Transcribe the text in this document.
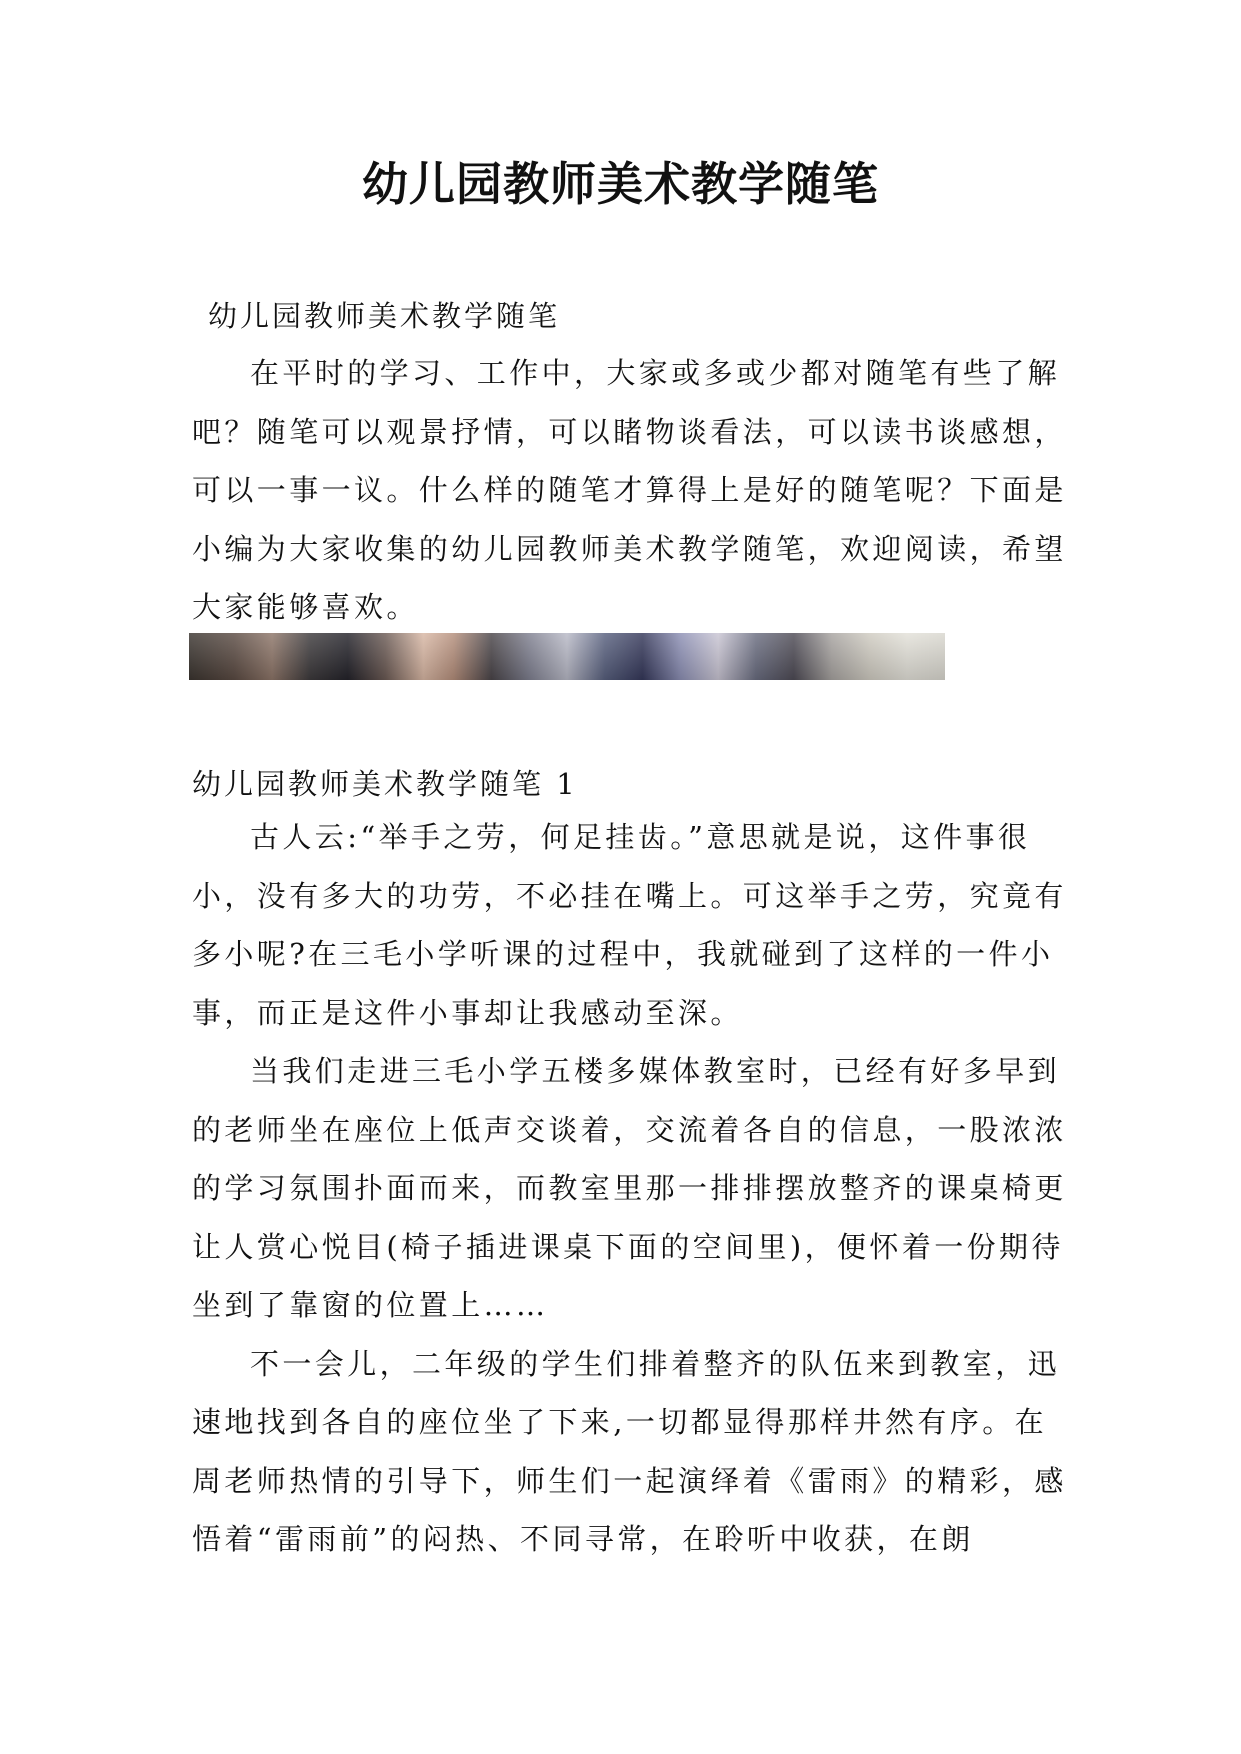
幼儿园教师美术教学随笔
幼儿园教师美术教学随笔

在平时的学习、工作中，大家或多或少都对随笔有些了解吧？随笔可以观景抒情，可以睹物谈看法，可以读书谈感想，可以一事一议。什么样的随笔才算得上是好的随笔呢？下面是小编为大家收集的幼儿园教师美术教学随笔，欢迎阅读，希望大家能够喜欢。

幼儿园教师美术教学随笔 1

古人云:“举手之劳，何足挂齿。”意思就是说，这件事很小，没有多大的功劳，不必挂在嘴上。可这举手之劳，究竟有多小呢?在三毛小学听课的过程中，我就碰到了这样的一件小事，而正是这件小事却让我感动至深。

当我们走进三毛小学五楼多媒体教室时，已经有好多早到的老师坐在座位上低声交谈着，交流着各自的信息，一股浓浓的学习氛围扑面而来，而教室里那一排排摆放整齐的课桌椅更让人赏心悦目(椅子插进课桌下面的空间里)，便怀着一份期待坐到了靠窗的位置上……

不一会儿，二年级的学生们排着整齐的队伍来到教室，迅速地找到各自的座位坐了下来,一切都显得那样井然有序。在周老师热情的引导下，师生们一起演绎着《雷雨》的精彩，感悟着“雷雨前”的闷热、不同寻常，在聆听中收获，在朗
